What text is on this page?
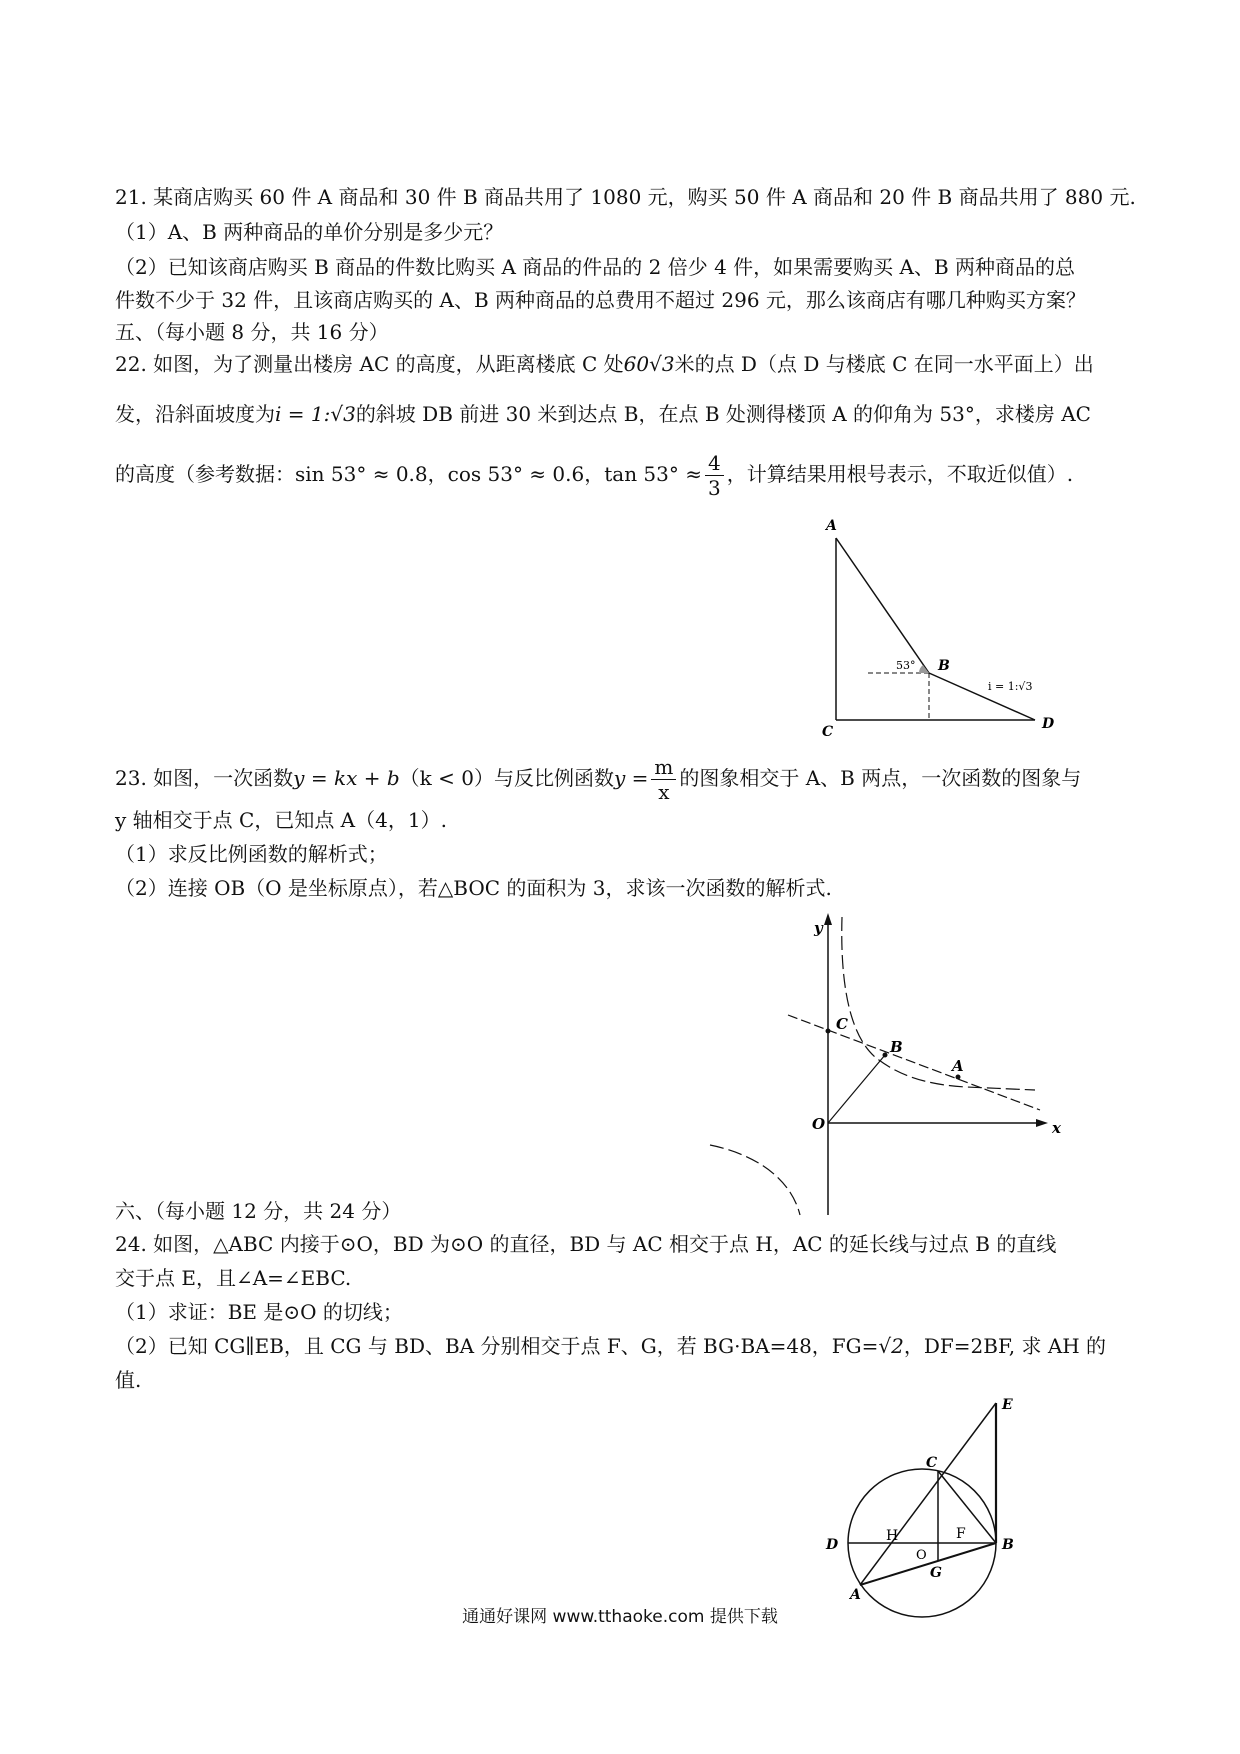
21. 某商店购买 60 件 A 商品和 30 件 B 商品共用了 1080 元，购买 50 件 A 商品和 20 件 B 商品共用了 880 元.
（1）A、B 两种商品的单价分别是多少元？
（2）已知该商店购买 B 商品的件数比购买 A 商品的件品的 2 倍少 4 件，如果需要购买 A、B 两种商品的总
件数不少于 32 件，且该商店购买的 A、B 两种商品的总费用不超过 296 元，那么该商店有哪几种购买方案？
五、（每小题 8 分，共 16 分）
22. 如图，为了测量出楼房 AC 的高度，从距离楼底 C 处60√3米的点 D（点 D 与楼底 C 在同一水平面上）出
发，沿斜面坡度为i = 1:√3的斜坡 DB 前进 30 米到达点 B，在点 B 处测得楼顶 A 的仰角为 53°，求楼房 AC
的高度（参考数据：sin 53° ≈ 0.8，cos 53° ≈ 0.6，$\tan 53^\circ \approx \frac{4}{3}$ ，计算结果用根号表示，不取近似值）.
A
B
C	D
53°
i = 1:√3
23. 如图，一次函数y = kx + b（k < 0）与反比例函数$y = \frac{m}{x}$ 的图象相交于 A、B 两点，一次函数的图象与
y 轴相交于点 C，已知点 A（4，1）.
（1）求反比例函数的解析式；
（2）连接 OB（O 是坐标原点），若△BOC 的面积为 3，求该一次函数的解析式.
y
x
O
C
B
A
六、（每小题 12 分，共 24 分）
24. 如图，△ABC 内接于⊙O，BD 为⊙O 的直径，BD 与 AC 相交于点 H，AC 的延长线与过点 B 的直线
交于点 E，且∠A=∠EBC.
（1）求证：BE 是⊙O 的切线；
（2）已知 CG∥EB，且 CG 与 BD、BA 分别相交于点 F、G，若 BG·BA=48，FG=√2，DF=2BF, 求 AH 的
值.
E
C
D
H
O
F
B
G
A
通通好课网 www.tthaoke.com 提供下载
